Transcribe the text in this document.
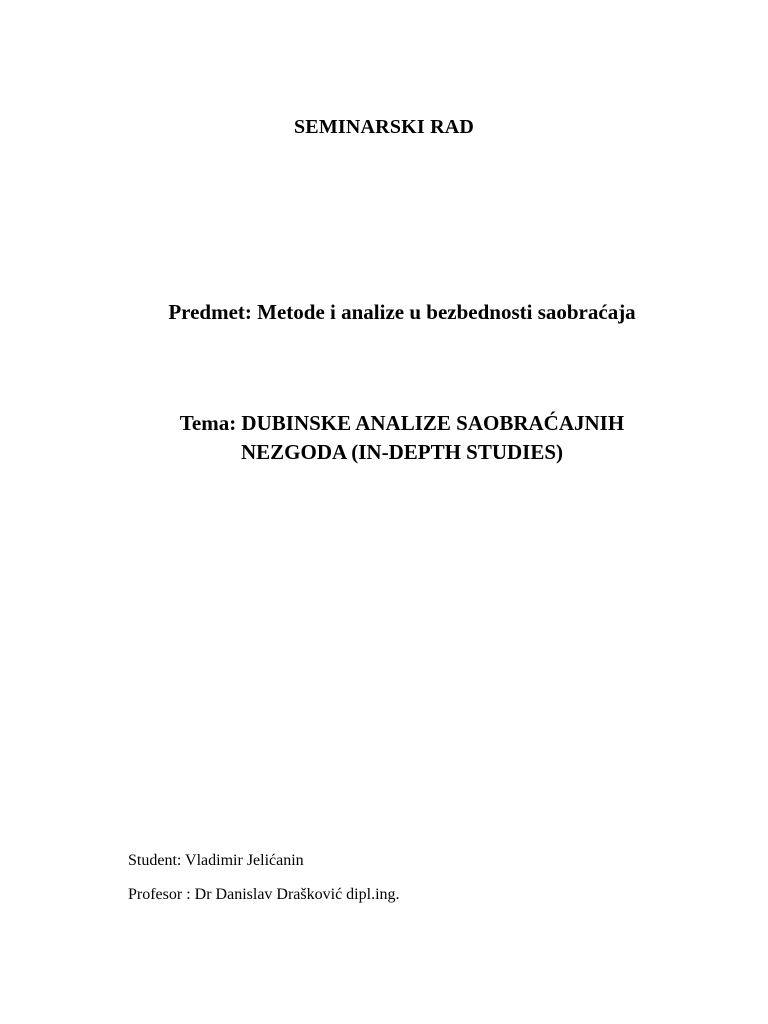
SEMINARSKI RAD
Predmet: Metode i analize u bezbednosti saobraćaja
Tema: DUBINSKE ANALIZE SAOBRAĆAJNIH
NEZGODA (IN-DEPTH STUDIES)
Student: Vladimir Jelićanin
Profesor : Dr Danislav Drašković dipl.ing.
